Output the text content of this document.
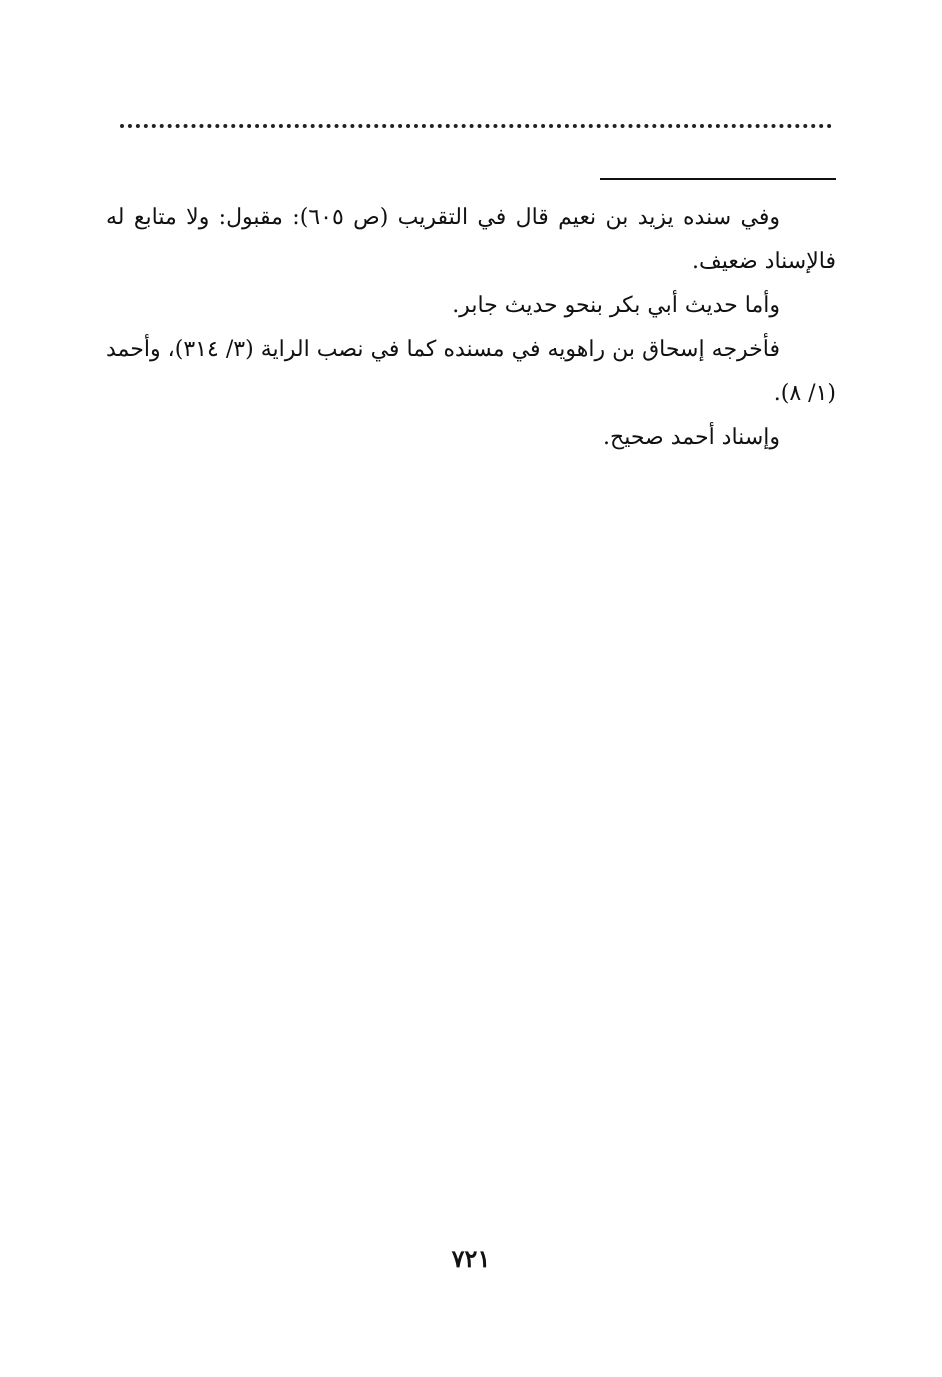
وفي سنده يزيد بن نعيم قال في التقريب (ص ٦٠٥): مقبول: ولا متابع له فالإسناد ضعيف.

وأما حديث أبي بكر بنحو حديث جابر.

فأخرجه إسحاق بن راهويه في مسنده كما في نصب الراية (٣/ ٣١٤)، وأحمد (١/ ٨).

وإسناد أحمد صحيح.

٧٢١
